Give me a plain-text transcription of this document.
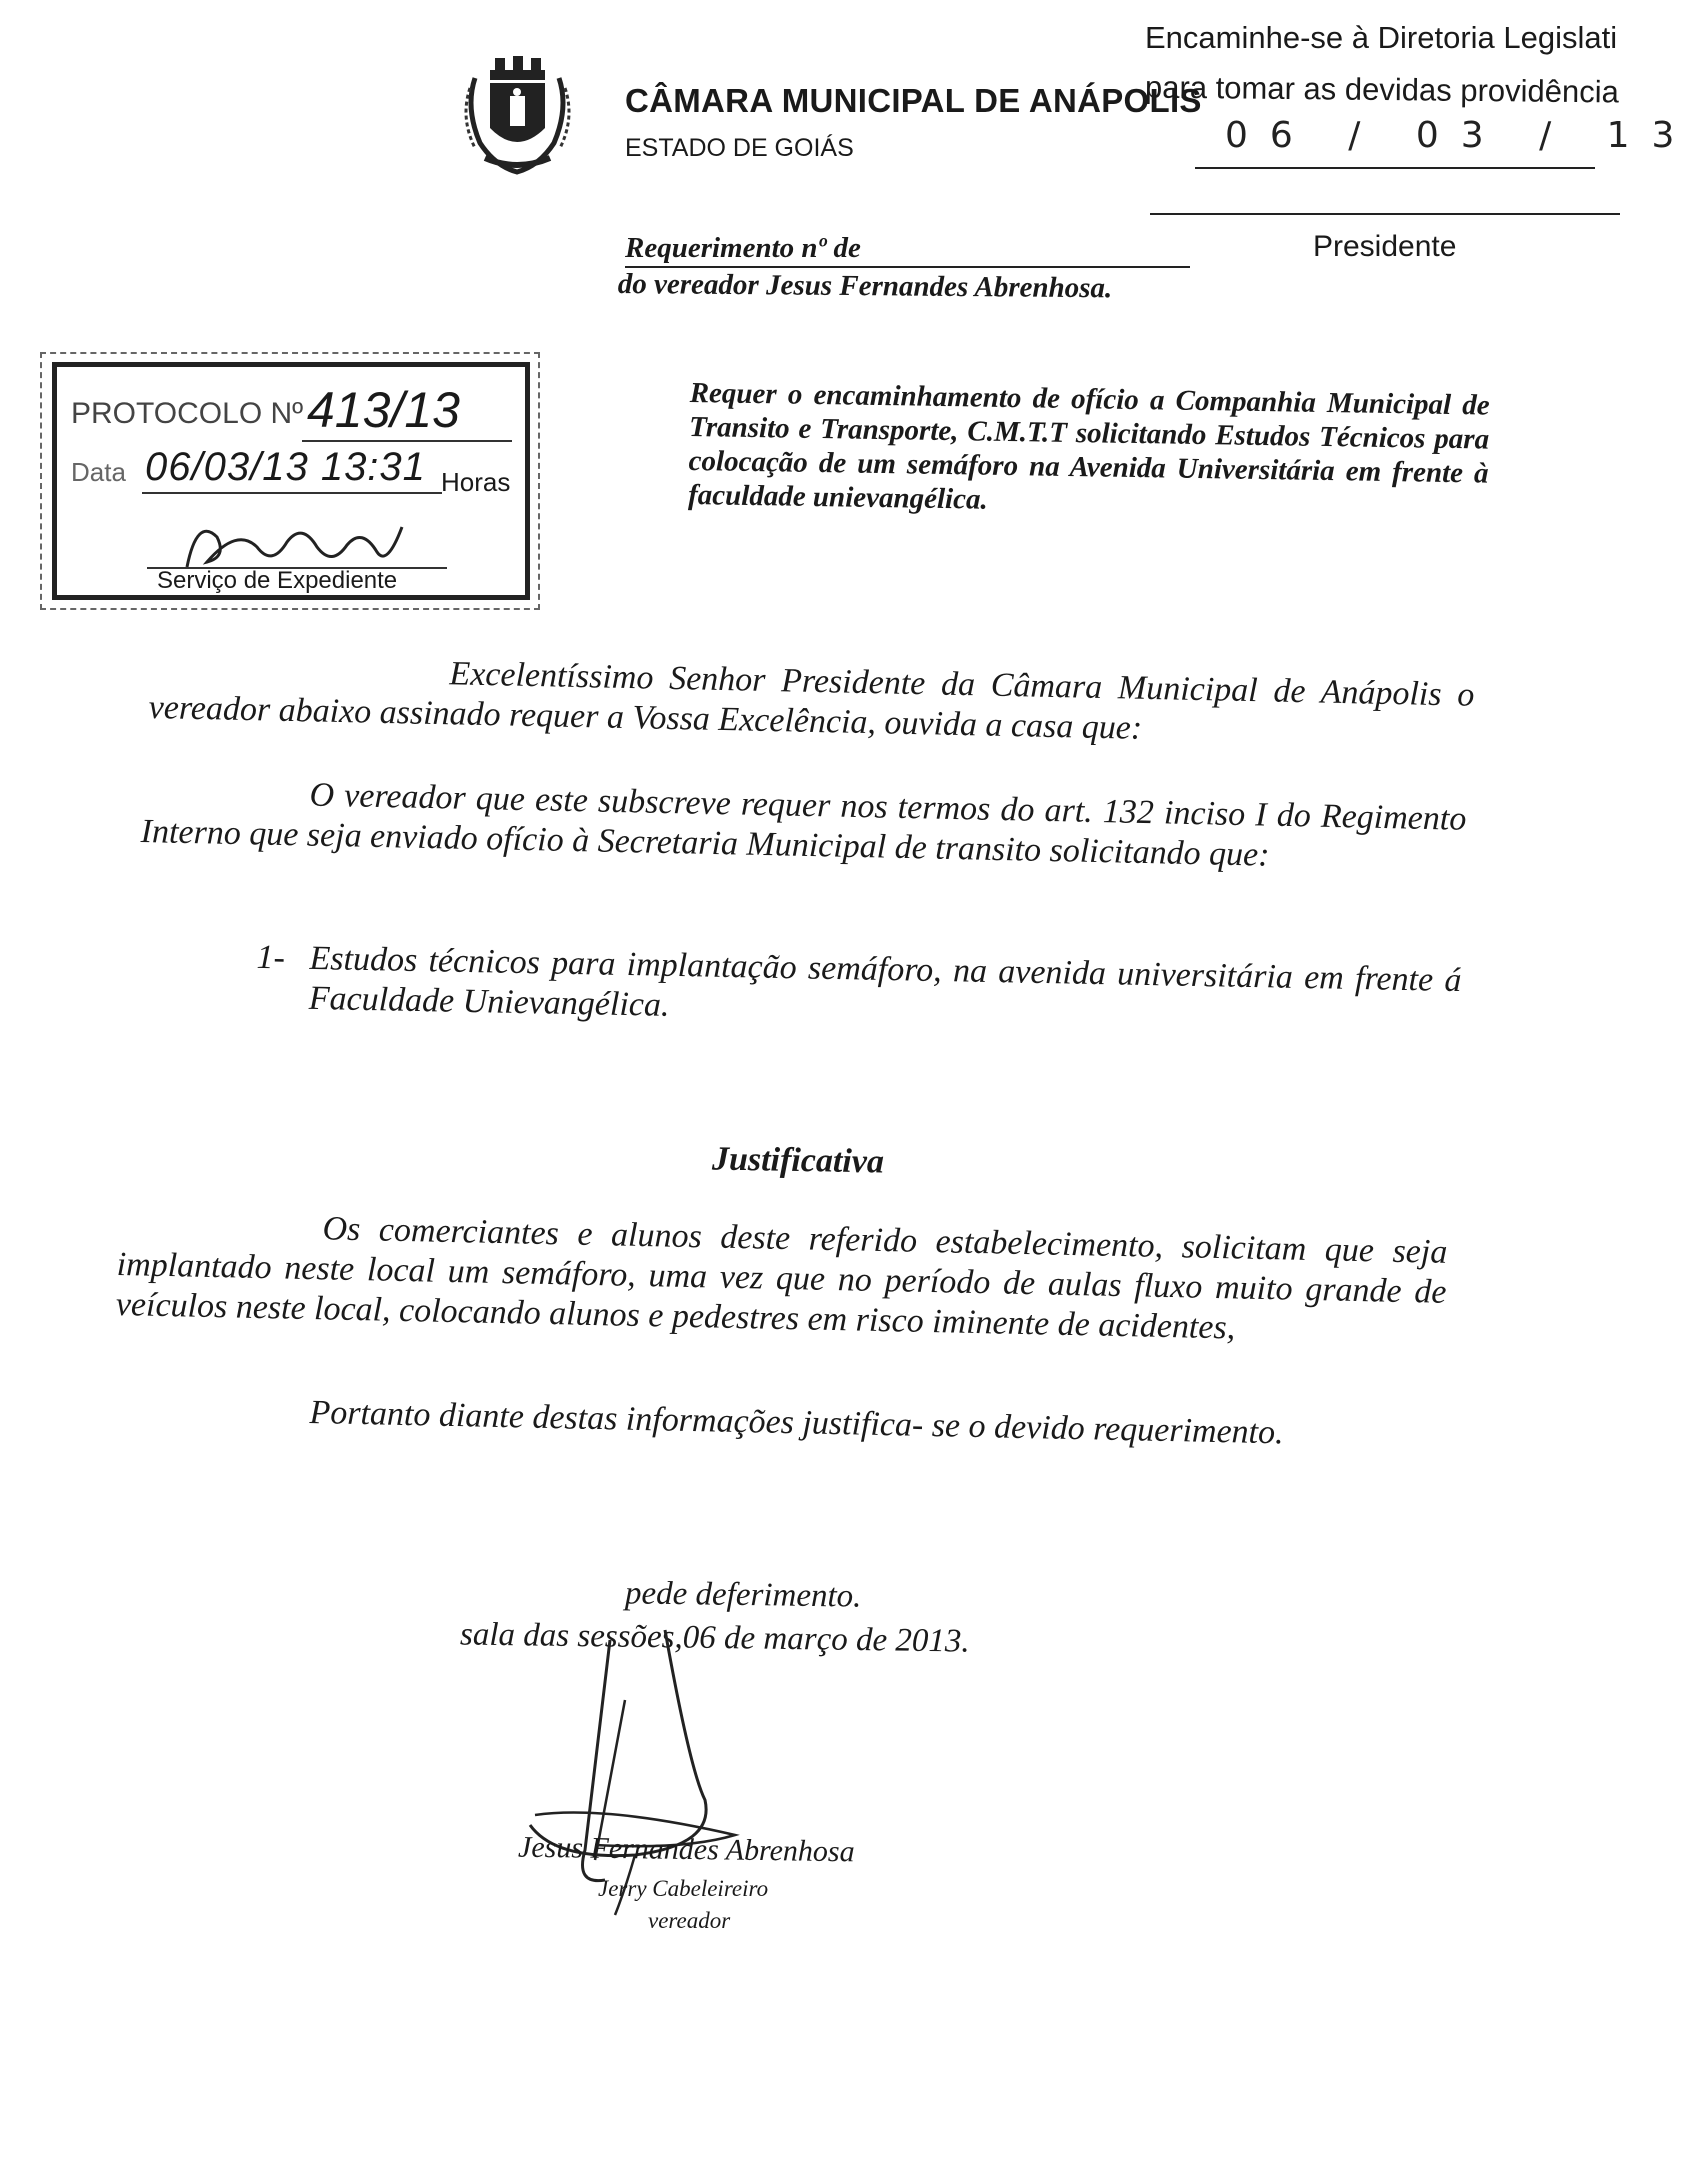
CÂMARA MUNICIPAL DE ANÁPOLIS
ESTADO DE GOIÁS
Encaminhe-se à Diretoria Legislati
para tomar as devidas providência
06 / 03 / 13
Presidente
Requerimento nº de
do vereador Jesus Fernandes Abrenhosa.
PROTOCOLO Nº 413/13
Data 06/03/13 13:31 Horas
Serviço de Expediente
Requer o encaminhamento de ofício a Companhia Municipal de Transito e Transporte, C.M.T.T solicitando Estudos Técnicos para colocação de um semáforo na Avenida Universitária em frente à faculdade unievangélica.
Excelentíssimo Senhor Presidente da Câmara Municipal de Anápolis o vereador abaixo assinado requer a Vossa Excelência, ouvida a casa que:
O vereador que este subscreve requer nos termos do art. 132 inciso I do Regimento Interno que seja enviado ofício à Secretaria Municipal de transito solicitando que:
1- Estudos técnicos para implantação semáforo, na avenida universitária em frente á Faculdade Unievangélica.
Justificativa
Os comerciantes e alunos deste referido estabelecimento, solicitam que seja implantado neste local um semáforo, uma vez que no período de aulas fluxo muito grande de veículos neste local, colocando alunos e pedestres em risco iminente de acidentes,
Portanto diante destas informações justifica- se o devido requerimento.
pede deferimento.
sala das sessões,06 de março de 2013.
Jesus Fernandes Abrenhosa
Jerry Cabeleireiro
vereador
